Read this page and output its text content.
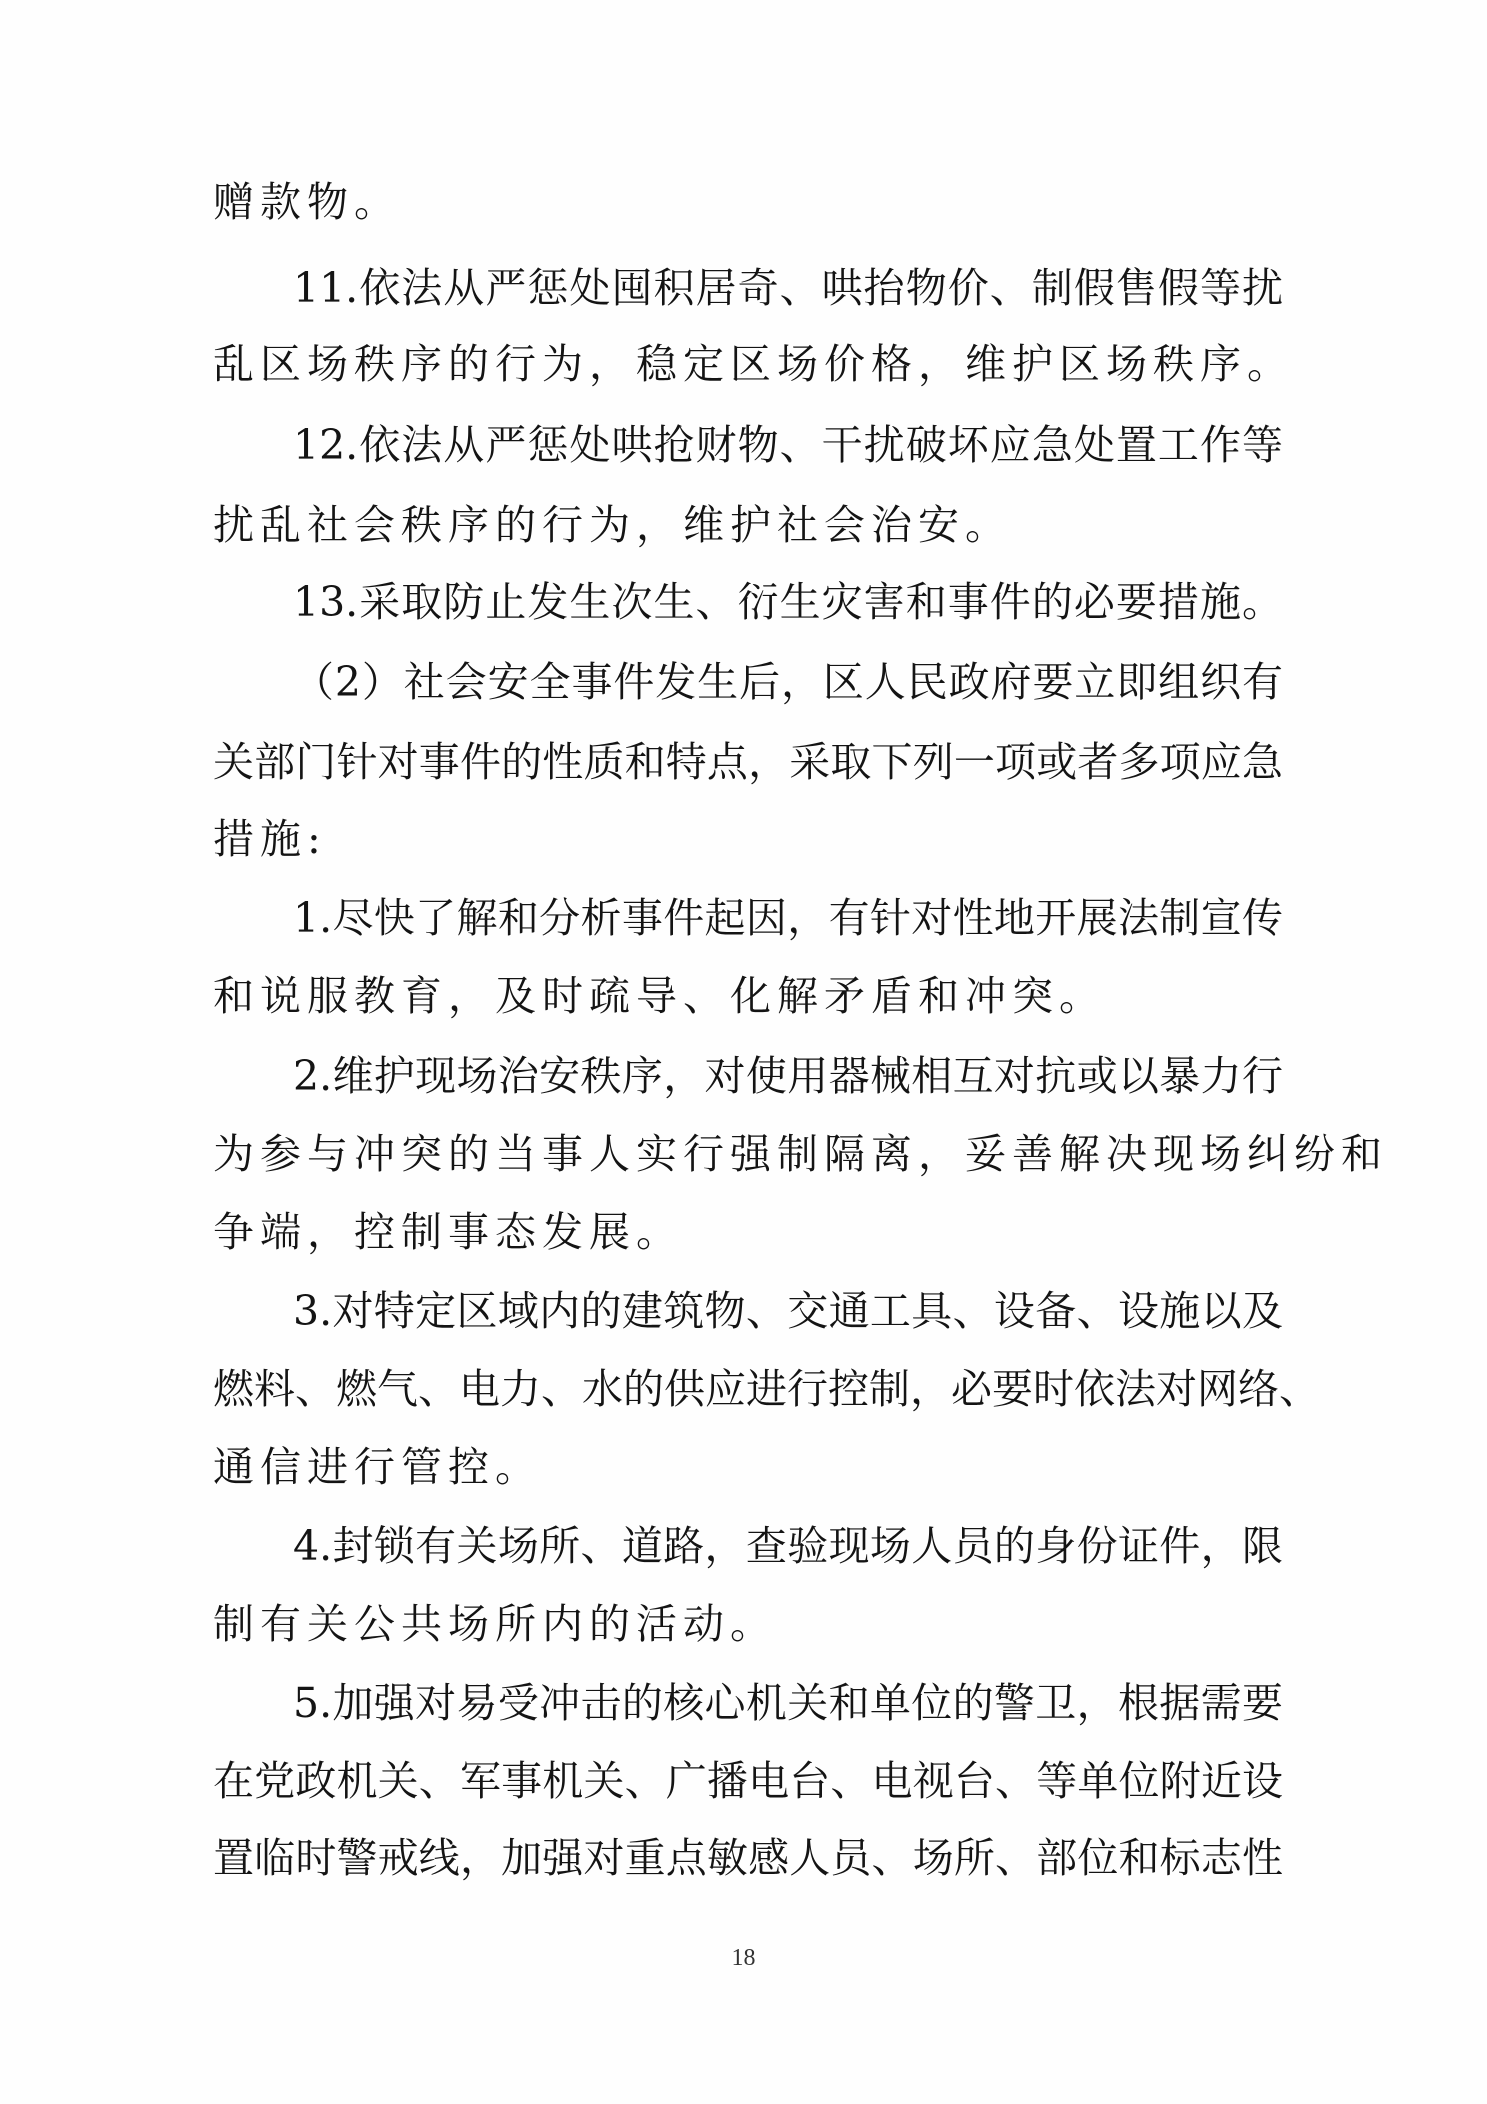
赠款物。
11.依法从严惩处囤积居奇、哄抬物价、制假售假等扰
乱区场秩序的行为，稳定区场价格，维护区场秩序。
12.依法从严惩处哄抢财物、干扰破坏应急处置工作等
扰乱社会秩序的行为，维护社会治安。
13.采取防止发生次生、衍生灾害和事件的必要措施。
（2）社会安全事件发生后，区人民政府要立即组织有
关部门针对事件的性质和特点，采取下列一项或者多项应急
措施:
1.尽快了解和分析事件起因，有针对性地开展法制宣传
和说服教育，及时疏导、化解矛盾和冲突。
2.维护现场治安秩序，对使用器械相互对抗或以暴力行
为参与冲突的当事人实行强制隔离，妥善解决现场纠纷和
争端，控制事态发展。
3.对特定区域内的建筑物、交通工具、设备、设施以及
燃料、燃气、电力、水的供应进行控制，必要时依法对网络、
通信进行管控。
4.封锁有关场所、道路，查验现场人员的身份证件，限
制有关公共场所内的活动。
5.加强对易受冲击的核心机关和单位的警卫，根据需要
在党政机关、军事机关、广播电台、电视台、等单位附近设
置临时警戒线，加强对重点敏感人员、场所、部位和标志性
18
